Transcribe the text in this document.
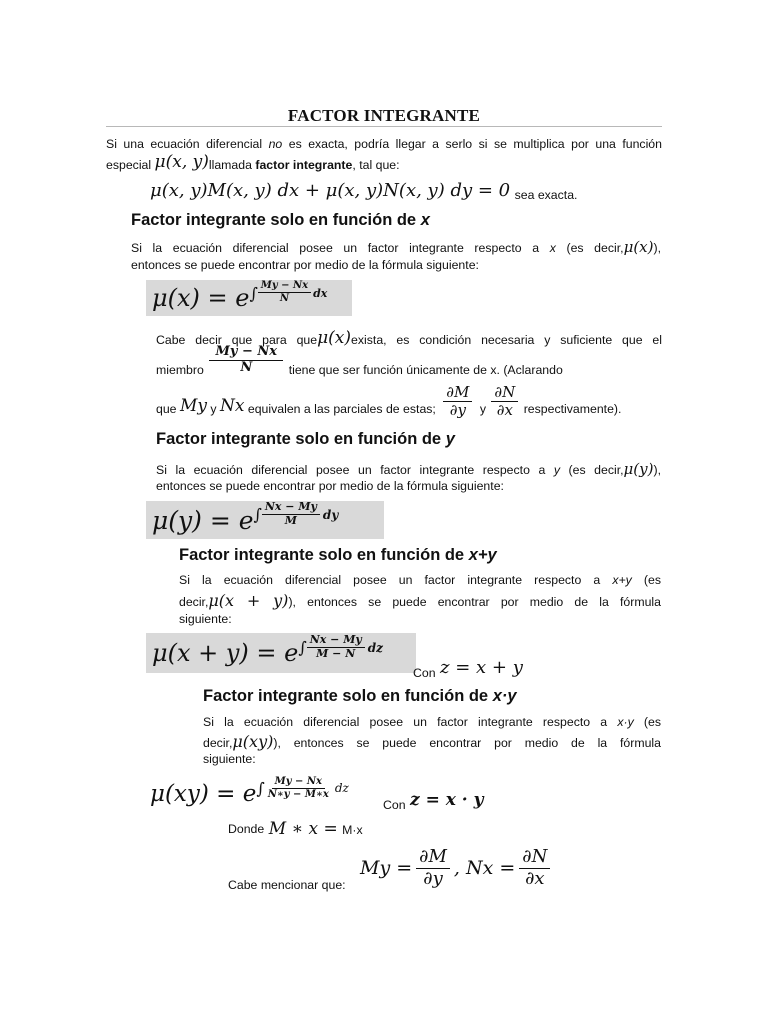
FACTOR INTEGRANTE
Si una ecuación diferencial no es exacta, podría llegar a serlo si se multiplica por una función
especial μ(x, y)llamada factor integrante, tal que:
μ(x, y)M(x, y) dx + μ(x, y)N(x, y) dy = 0 sea exacta.
Factor integrante solo en función de x
Si la ecuación diferencial posee un factor integrante respecto a x (es decir,μ(x)),
entonces se puede encontrar por medio de la fórmula siguiente:
μ(x) = e ∫ $\frac{My - Nx}{N}$ dx
Cabe decir que para queμ(x)exista, es condición necesaria y suficiente que el
miembro $\frac{My - Nx}{N}$ tiene que ser función únicamente de x. (Aclarando
que My y Nx equivalen a las parciales de estas; $\frac{\partial M}{\partial y}$ y $\frac{\partial N}{\partial x}$ respectivamente).
Factor integrante solo en función de y
Si la ecuación diferencial posee un factor integrante respecto a y (es decir,μ(y)),
entonces se puede encontrar por medio de la fórmula siguiente:
μ(y) = e ∫ $\frac{Nx - My}{M}$ dy
Factor integrante solo en función de x+y
Si la ecuación diferencial posee un factor integrante respecto a x+y (es
decir,μ(x + y)), entonces se puede encontrar por medio de la fórmula
siguiente:
μ(x + y) = e ∫ $\frac{Nx - My}{M - N}$ dz
$_{Con}$ z = x + y
Factor integrante solo en función de x·y
Si la ecuación diferencial posee un factor integrante respecto a x·y (es
decir,μ(xy)), entonces se puede encontrar por medio de la fórmula
siguiente:
μ(xy) = e ∫ $\frac{My - Nx}{N∗y - M∗x}$ dz
$_{Con}$ z = x · y
Donde M ∗ x = M·x
Cabe mencionar que:
$My = \frac{\partial M}{\partial y}$ , $Nx = \frac{\partial N}{\partial x}$
